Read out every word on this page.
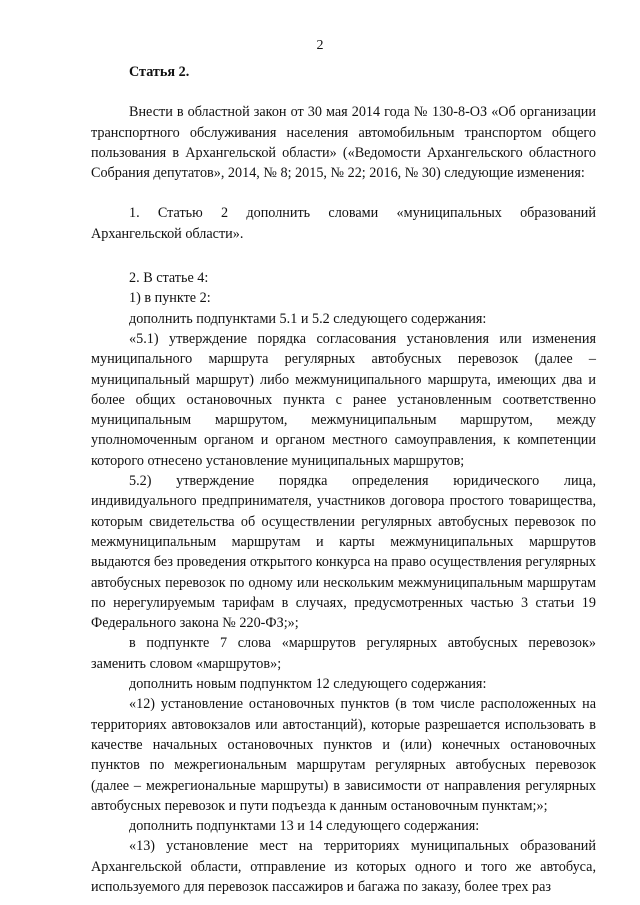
2

Статья 2.

Внести в областной закон от 30 мая 2014 года № 130-8-ОЗ «Об организации транспортного обслуживания населения автомобильным транспортом общего пользования в Архангельской области» («Ведомости Архангельского областного Собрания депутатов», 2014, № 8; 2015, № 22; 2016, № 30) следующие изменения:

1. Статью 2 дополнить словами «муниципальных образований Архангельской области».

2. В статье 4:

1) в пункте 2:

дополнить подпунктами 5.1 и 5.2 следующего содержания:

«5.1) утверждение порядка согласования установления или изменения муниципального маршрута регулярных автобусных перевозок (далее – муниципальный маршрут) либо межмуниципального маршрута, имеющих два и более общих остановочных пункта с ранее установленным соответственно муниципальным маршрутом, межмуниципальным маршрутом, между уполномоченным органом и органом местного самоуправления, к компетенции которого отнесено установление муниципальных маршрутов;

5.2) утверждение порядка определения юридического лица, индивидуального предпринимателя, участников договора простого товарищества, которым свидетельства об осуществлении регулярных автобусных перевозок по межмуниципальным маршрутам и карты межмуниципальных маршрутов выдаются без проведения открытого конкурса на право осуществления регулярных автобусных перевозок по одному или нескольким межмуниципальным маршрутам по нерегулируемым тарифам в случаях, предусмотренных частью 3 статьи 19 Федерального закона № 220-ФЗ;»;

в подпункте 7 слова «маршрутов регулярных автобусных перевозок» заменить словом «маршрутов»;

дополнить новым подпунктом 12 следующего содержания:

«12) установление остановочных пунктов (в том числе расположенных на территориях автовокзалов или автостанций), которые разрешается использовать в качестве начальных остановочных пунктов и (или) конечных остановочных пунктов по межрегиональным маршрутам регулярных автобусных перевозок (далее – межрегиональные маршруты) в зависимости от направления регулярных автобусных перевозок и пути подъезда к данным остановочным пунктам;»;

дополнить подпунктами 13 и 14 следующего содержания:

«13) установление мест на территориях муниципальных образований Архангельской области, отправление из которых одного и того же автобуса, используемого для перевозок пассажиров и багажа по заказу, более трех раз
